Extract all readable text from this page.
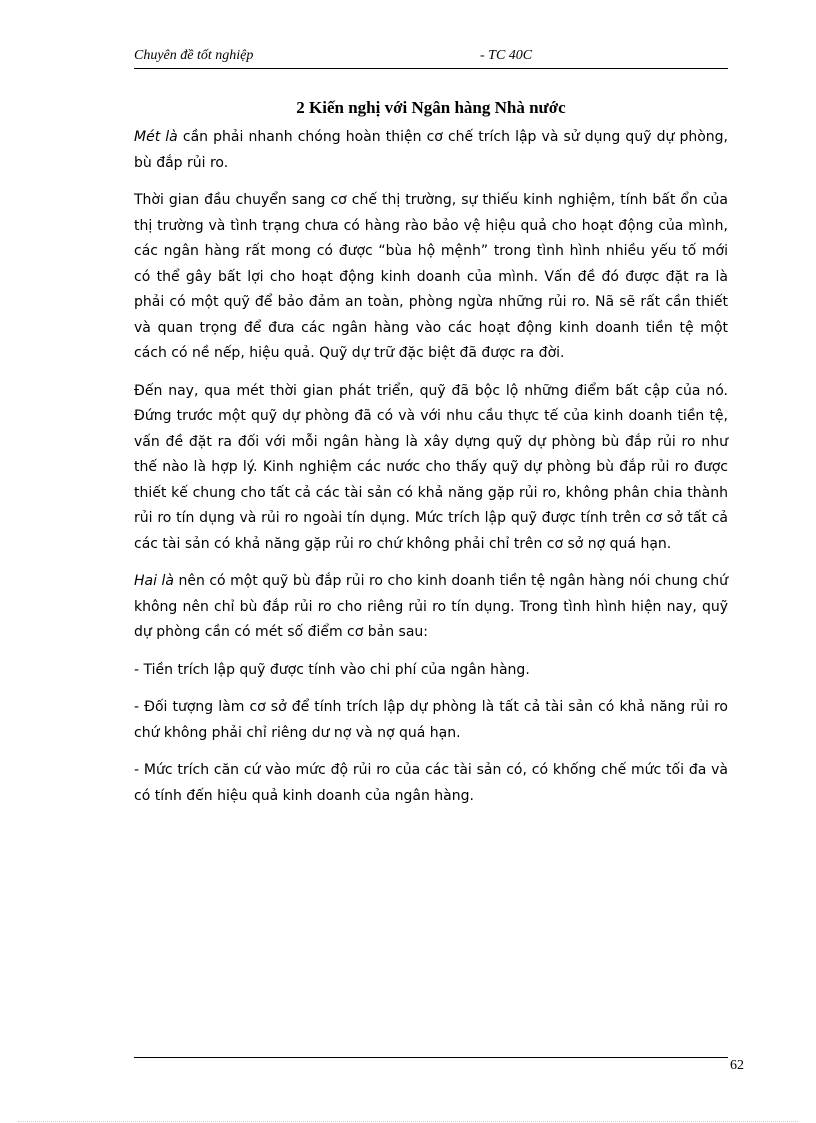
Chuyên đề tốt nghiệp	- TC 40C
2 Kiến nghị với Ngân hàng Nhà nước

Mét là cần phải nhanh chóng hoàn thiện cơ chế trích lập và sử dụng quỹ dự phòng, bù đắp rủi ro.

Thời gian đầu chuyển sang cơ chế thị trường, sự thiếu kinh nghiệm, tính bất ổn của thị trường và tình trạng chưa có hàng rào bảo vệ hiệu quả cho hoạt động của mình, các ngân hàng rất mong có được “bùa hộ mệnh” trong tình hình nhiều yếu tố mới có thể gây bất lợi cho hoạt động kinh doanh của mình. Vấn đề đó được đặt ra là phải có một quỹ để bảo đảm an toàn, phòng ngừa những rủi ro. Nã sẽ rất cần thiết và quan trọng để đưa các ngân hàng vào các hoạt động kinh doanh tiền tệ một cách có nề nếp, hiệu quả. Quỹ dự trữ đặc biệt đã được ra đời.

Đến nay, qua mét thời gian phát triển, quỹ đã bộc lộ những điểm bất cập của nó. Đứng trước một quỹ dự phòng đã có và với nhu cầu thực tế của kinh doanh tiền tệ, vấn đề đặt ra đối với mỗi ngân hàng là xây dựng quỹ dự phòng bù đắp rủi ro như thế nào là hợp lý. Kinh nghiệm các nước cho thấy quỹ dự phòng bù đắp rủi ro được thiết kế chung cho tất cả các tài sản có khả năng gặp rủi ro, không phân chia thành rủi ro tín dụng và rủi ro ngoài tín dụng. Mức trích lập quỹ được tính trên cơ sở tất cả các tài sản có khả năng gặp rủi ro chứ không phải chỉ trên cơ sở nợ quá hạn.

Hai là nên có một quỹ bù đắp rủi ro cho kinh doanh tiền tệ ngân hàng nói chung chứ không nên chỉ bù đắp rủi ro cho riêng rủi ro tín dụng. Trong tình hình hiện nay, quỹ dự phòng cần có mét số điểm cơ bản sau:

- Tiền trích lập quỹ được tính vào chi phí của ngân hàng.

- Đối tượng làm cơ sở để tính trích lập dự phòng là tất cả tài sản có khả năng rủi ro chứ không phải chỉ riêng dư nợ và nợ quá hạn.

- Mức trích căn cứ vào mức độ rủi ro của các tài sản có, có khống chế mức tối đa và có tính đến hiệu quả kinh doanh của ngân hàng.

62
